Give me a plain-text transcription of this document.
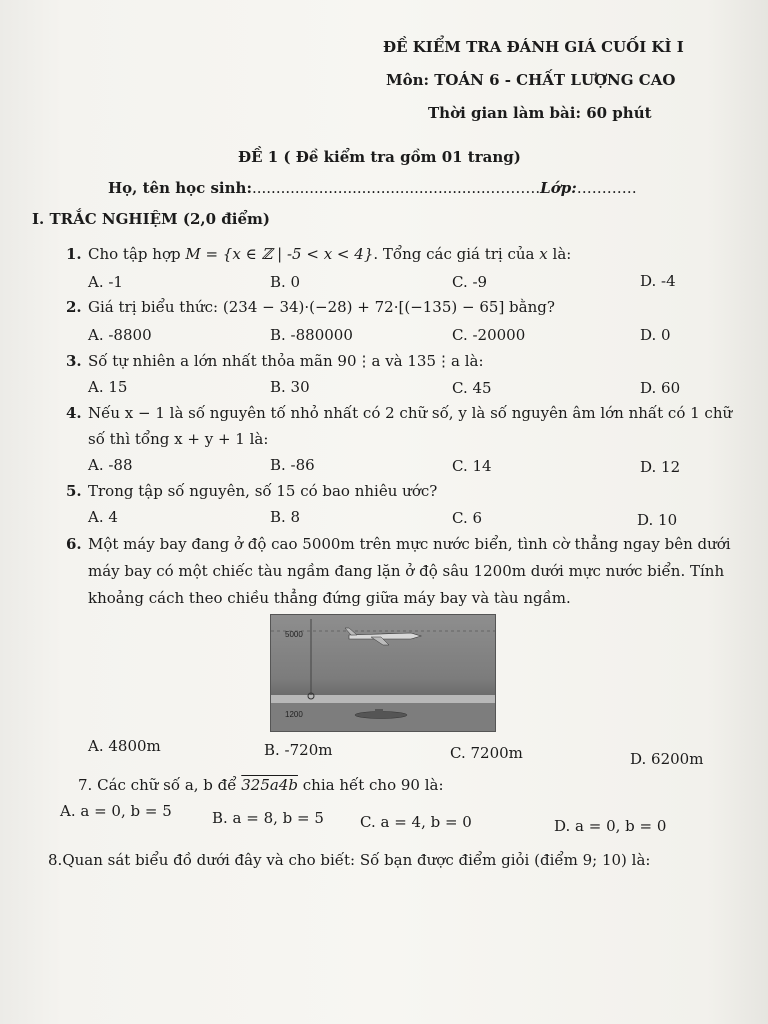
ĐỀ KIỂM TRA ĐÁNH GIÁ CUỐI KÌ I
Môn: TOÁN 6 - CHẤT LƯỢNG CAO
Thời gian làm bài: 60 phút
ĐỀ 1 ( Đề kiểm tra gồm 01 trang)
Họ, tên học sinh:..................................................……….Lớp:…………
I. TRẮC NGHIỆM (2,0 điểm)
1. Cho tập hợp M = {x ∈ ℤ | -5 < x < 4}. Tổng các giá trị của x là:
A. -1	B. 0	C. -9	D. -4
2. Giá trị biểu thức: (234 − 34)·(−28) + 72·[(−135) − 65] bằng?
A. -8800	B. -880000	C. -20000	D. 0
3. Số tự nhiên a lớn nhất thỏa mãn 90⋮a và 135⋮a là:
A. 15	B. 30	C. 45	D. 60
4. Nếu x − 1 là số nguyên tố nhỏ nhất có 2 chữ số, y là số nguyên âm lớn nhất có 1 chữ
số thì tổng x + y + 1 là:
A. -88	B. -86	C. 14	D. 12
5. Trong tập số nguyên, số 15 có bao nhiêu ước?
A. 4	B. 8	C. 6	D. 10
6. Một máy bay đang ở độ cao 5000m trên mực nước biển, tình cờ thẳng ngay bên dưới
máy bay có một chiếc tàu ngầm đang lặn ở độ sâu 1200m dưới mực nước biển. Tính
khoảng cách theo chiều thẳng đứng giữa máy bay và tàu ngầm.
5000
1200
A. 4800m	B. -720m	C. 7200m	D. 6200m
7. Các chữ số a, b để 325a4b chia hết cho 90 là:
A. a = 0, b = 5	B. a = 8, b = 5 C. a = 4, b = 0	D. a = 0, b = 0
8.Quan sát biểu đồ dưới đây và cho biết: Số bạn được điểm giỏi (điểm 9; 10) là:
